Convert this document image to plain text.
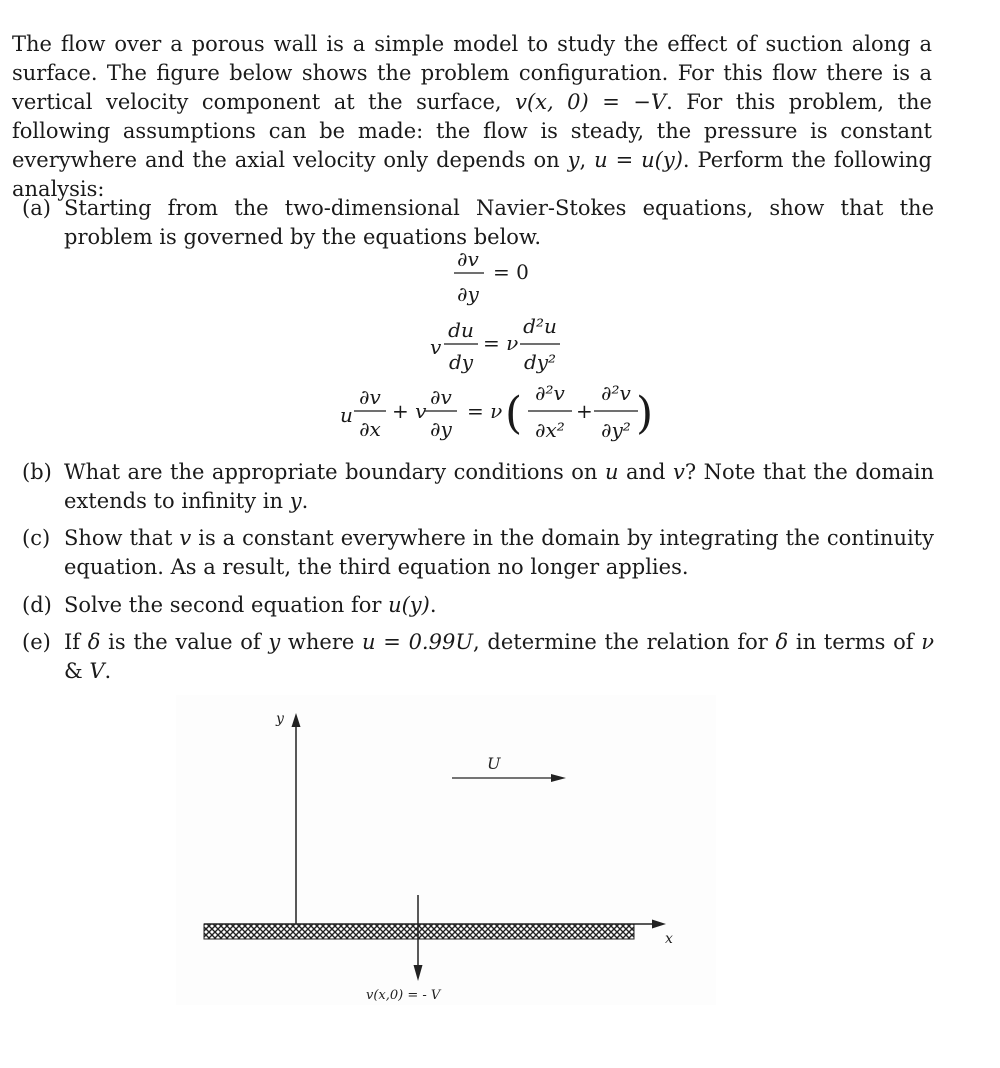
The flow over a porous wall is a simple model to study the effect of suction along a surface. The figure below shows the problem configuration. For this flow there is a vertical velocity component at the surface, v(x, 0) = −V. For this problem, the following assumptions can be made: the flow is steady, the pressure is constant everywhere and the axial velocity only depends on y, u = u(y). Perform the following analysis:
(a) Starting from the two-dimensional Navier-Stokes equations, show that the problem is governed by the equations below.
∂v
∂y
= 0
v
du
dy
= ν
d²u
dy²
u
∂v
∂x
+ v
∂v
∂y
= ν ( ∂²v
∂x²
+
∂²v
∂y² )
(b) What are the appropriate boundary conditions on u and v? Note that the domain extends to infinity in y.
(c) Show that v is a constant everywhere in the domain by integrating the continuity equation. As a result, the third equation no longer applies.
(d) Solve the second equation for u(y).
(e) If δ is the value of y where u = 0.99U, determine the relation for δ in terms of ν & V.
x
y
U
v(x,0) = - V
